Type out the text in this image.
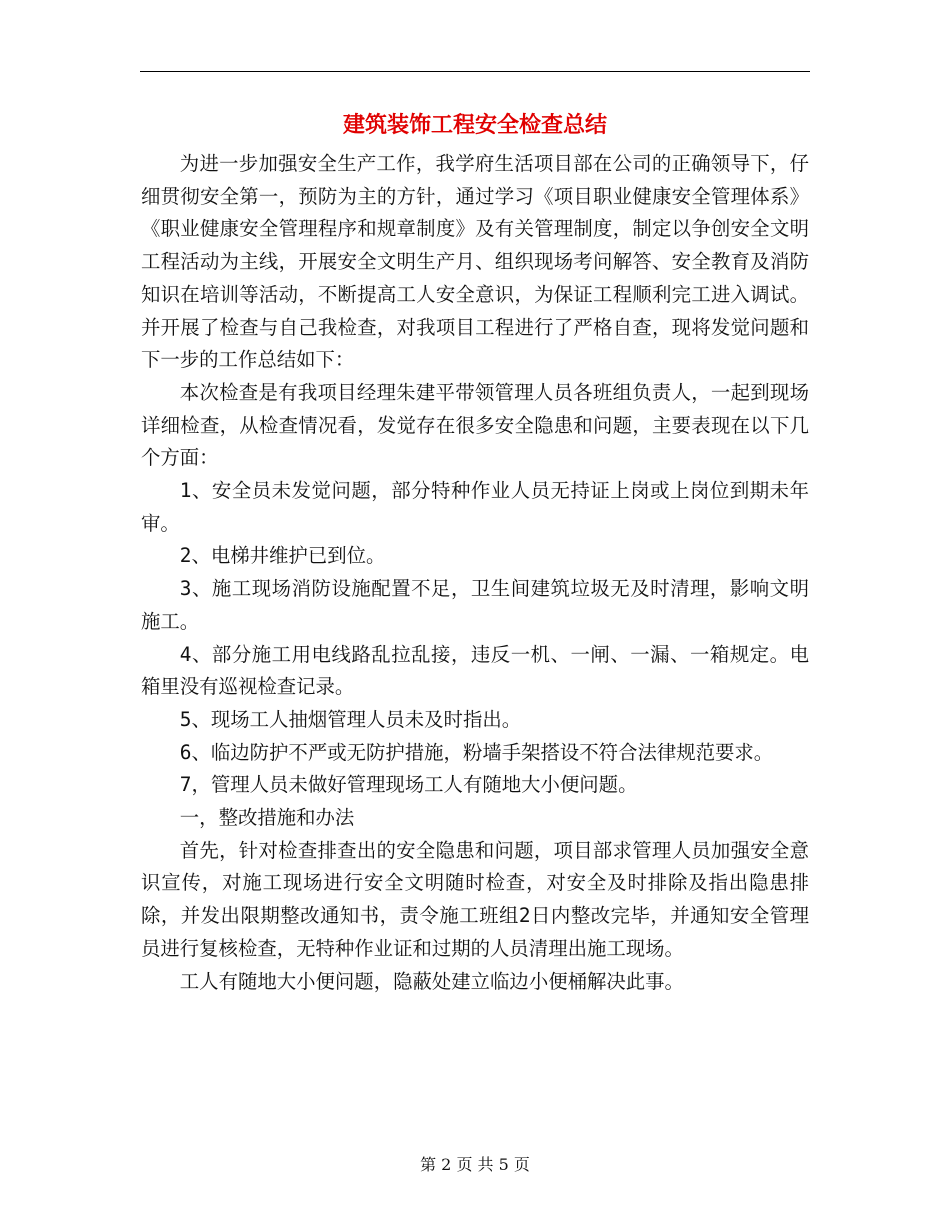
建筑装饰工程安全检查总结

为进一步加强安全生产工作，我学府生活项目部在公司的正确领导下，仔细贯彻安全第一，预防为主的方针，通过学习《项目职业健康安全管理体系》《职业健康安全管理程序和规章制度》及有关管理制度，制定以争创安全文明工程活动为主线，开展安全文明生产月、组织现场考问解答、安全教育及消防知识在培训等活动，不断提高工人安全意识，为保证工程顺利完工进入调试。并开展了检查与自己我检查，对我项目工程进行了严格自查，现将发觉问题和下一步的工作总结如下：

本次检查是有我项目经理朱建平带领管理人员各班组负责人，一起到现场详细检查，从检查情况看，发觉存在很多安全隐患和问题，主要表现在以下几个方面：

1、安全员未发觉问题，部分特种作业人员无持证上岗或上岗位到期未年审。

2、电梯井维护已到位。

3、施工现场消防设施配置不足，卫生间建筑垃圾无及时清理，影响文明施工。

4、部分施工用电线路乱拉乱接，违反一机、一闸、一漏、一箱规定。电箱里没有巡视检查记录。

5、现场工人抽烟管理人员未及时指出。

6、临边防护不严或无防护措施，粉墙手架搭设不符合法律规范要求。

7，管理人员未做好管理现场工人有随地大小便问题。

一，整改措施和办法

首先，针对检查排查出的安全隐患和问题，项目部求管理人员加强安全意识宣传，对施工现场进行安全文明随时检查，对安全及时排除及指出隐患排除，并发出限期整改通知书，责令施工班组2日内整改完毕，并通知安全管理员进行复核检查，无特种作业证和过期的人员清理出施工现场。

工人有随地大小便问题，隐蔽处建立临边小便桶解决此事。

第 2 页 共 5 页
